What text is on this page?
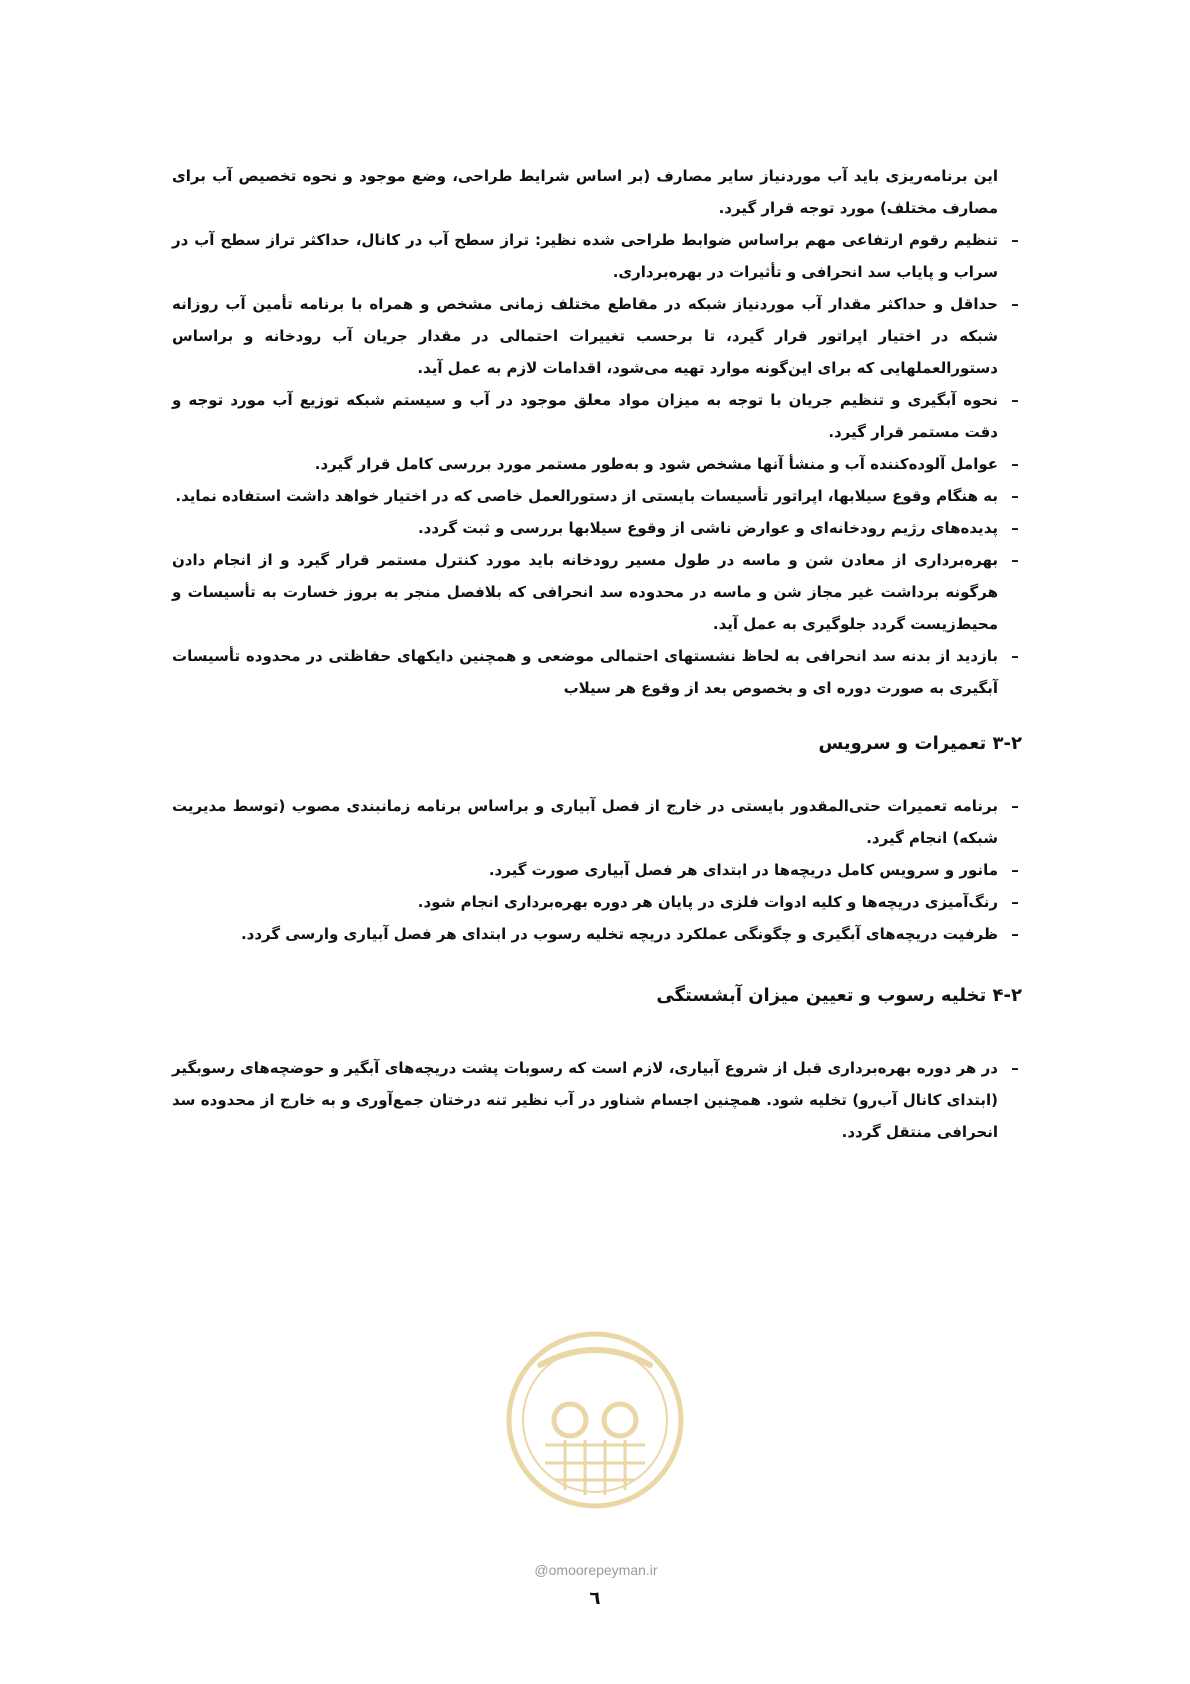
این برنامه‌ریزی باید آب موردنیاز سایر مصارف (بر اساس شرایط طراحی، وضع موجود و نحوه تخصیص آب برای مصارف مختلف) مورد توجه قرار گیرد.

–
تنظیم رقوم ارتفاعی مهم براساس ضوابط طراحی شده نظیر: تراز سطح آب در کانال، حداکثر تراز سطح آب در سراب و پایاب سد انحرافی و تأثیرات در بهره‌برداری.

–
حداقل و حداکثر مقدار آب موردنیاز شبکه در مقاطع مختلف زمانی مشخص و همراه با برنامه تأمین آب روزانه شبکه در اختیار اپراتور قرار گیرد، تا برحسب تغییرات احتمالی در مقدار جریان آب رودخانه و براساس دستورالعملهایی که برای این‌گونه موارد تهیه می‌شود، اقدامات لازم به عمل آید.

–
نحوه آبگیری و تنظیم جریان با توجه به میزان مواد معلق موجود در آب و سیستم شبکه توزیع آب مورد توجه و دقت مستمر قرار گیرد.

–
عوامل آلوده‌کننده آب و منشأ آنها مشخص شود و به‌طور مستمر مورد بررسی کامل قرار گیرد.

–
به هنگام وقوع سیلابها، اپراتور تأسیسات بایستی از دستورالعمل خاصی که در اختیار خواهد داشت استفاده نماید.

–
پدیده‌های رژیم رودخانه‌ای و عوارض ناشی از وقوع سیلابها بررسی و ثبت گردد.

–
بهره‌برداری از معادن شن و ماسه در طول مسیر رودخانه باید مورد کنترل مستمر قرار گیرد و از انجام دادن هرگونه برداشت غیر مجاز شن و ماسه در محدوده سد انحرافی که بلافصل منجر به بروز خسارت به تأسیسات و محیط‌زیست گردد جلوگیری به عمل آید.

–
بازدید از بدنه سد انحرافی به لحاظ نشستهای احتمالی موضعی و همچنین دایکهای حفاظتی در محدوده تأسیسات آبگیری به صورت دوره ای و بخصوص بعد از وقوع هر سیلاب

۳-۲ تعمیرات و سرویس

–
برنامه تعمیرات حتی‌المقدور بایستی در خارج از فصل آبیاری و براساس برنامه زمانبندی مصوب (توسط مدیریت شبکه) انجام گیرد.

–
مانور و سرویس کامل دریچه‌ها در ابتدای هر فصل آبیاری صورت گیرد.

–
رنگ‌آمیزی دریچه‌ها و کلیه ادوات فلزی در پایان هر دوره بهره‌برداری انجام شود.

–
ظرفیت دریچه‌های آبگیری و چگونگی عملکرد دریچه تخلیه رسوب در ابتدای هر فصل آبیاری وارسی گردد.

۴-۲ تخلیه رسوب و تعیین میزان آبشستگی

–
در هر دوره بهره‌برداری قبل از شروع آبیاری، لازم است که رسوبات پشت دریچه‌های آبگیر و حوضچه‌های رسوبگیر (ابتدای کانال آب‌رو) تخلیه شود. همچنین اجسام شناور در آب نظیر تنه درختان جمع‌آوری و به خارج از محدوده سد انحرافی منتقل گردد.

@omoorepeyman.ir
٦
